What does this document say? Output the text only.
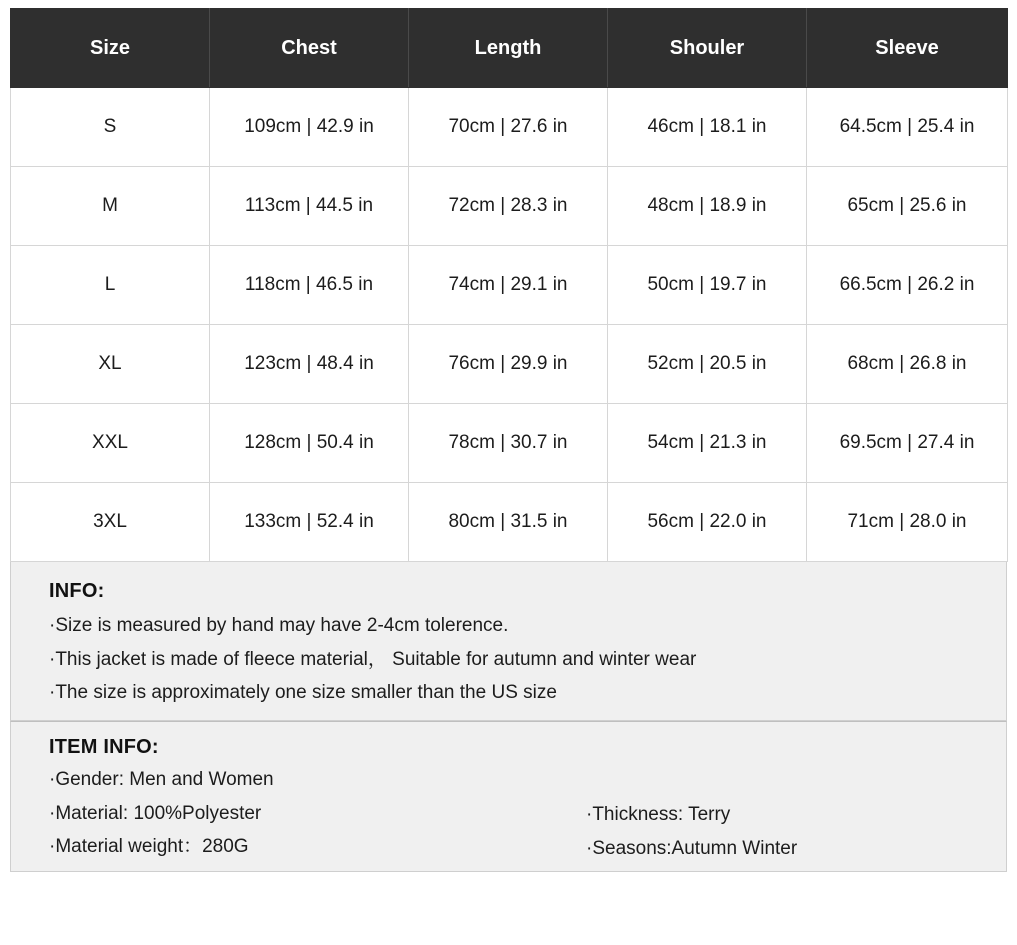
Size	Chest	Length	Shouler	Sleeve
S	109cm | 42.9 in	70cm | 27.6 in	46cm | 18.1 in	64.5cm | 25.4 in
M	113cm | 44.5 in	72cm | 28.3 in	48cm | 18.9 in	65cm | 25.6 in
L	118cm | 46.5 in	74cm | 29.1 in	50cm | 19.7 in	66.5cm | 26.2 in
XL	123cm | 48.4 in	76cm | 29.9 in	52cm | 20.5 in	68cm | 26.8 in
XXL	128cm | 50.4 in	78cm | 30.7 in	54cm | 21.3 in	69.5cm | 27.4 in
3XL	133cm | 52.4 in	80cm | 31.5 in	56cm | 22.0 in	71cm | 28.0 in
INFO:
·Size is measured by hand may have 2-4cm tolerence.
·This jacket is made of fleece material， Suitable for autumn and winter wear
·The size is approximately one size smaller than the US size
ITEM INFO:
·Gender: Men and Women
·Material: 100%Polyester
·Material weight：280G
·Thickness: Terry
·Seasons:Autumn Winter
